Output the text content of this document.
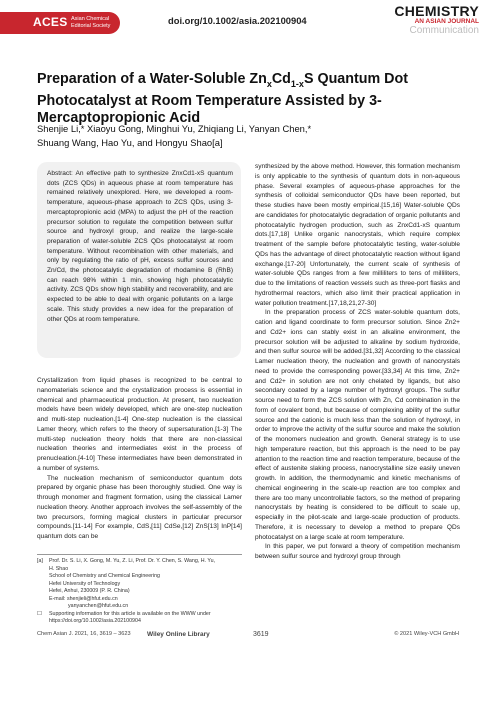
ACES Asian Chemical Editorial Society	doi.org/10.1002/asia.202100904
CHEMISTRY
AN ASIAN JOURNAL
Communication
Preparation of a Water-Soluble $Zn_xCd_{1-x}S$ Quantum Dot Photocatalyst at Room Temperature Assisted by 3-Mercaptopropionic Acid
Shenjie Li,* Xiaoyu Gong, Minghui Yu, Zhiqiang Li, Yanyan Chen,* Shuang Wang, Hao Yu, and Hongyu Shao[a]

Abstract: An effective path to synthesize ZnxCd1-xS quantum dots (ZCS QDs) in aqueous phase at room temperature has remained relatively unexplored. Here, we developed a room-temperature, aqueous-phase approach to ZCS QDs, using 3-mercaptopropionic acid (MPA) to adjust the pH of the reaction precursor solution to regulate the competition between sulfur source and hydroxyl group, and realize the large-scale preparation of water-soluble ZCS QDs photocatalyst at room temperature. Without recombination with other materials, and only by regulating the ratio of pH, excess sulfur sources and Zn/Cd, the photocatalytic degradation of rhodamine B (RhB) can reach 98% within 1 min, showing high photocatalytic activity. ZCS QDs show high stability and recoverability, and are expected to be able to deal with organic pollutants on a large scale. This study provides a new idea for the preparation of other QDs at room temperature.

Crystallization from liquid phases is recognized to be central to nanomaterials science and the crystallization process is essential in chemical and pharmaceutical production. At present, two nucleation models have been widely developed, which are one-step nucleation and multi-step nucleation.[1-4] One-step nucleation is the classical Lamer theory, which refers to the theory of supersaturation.[1-3] The multi-step nucleation theory holds that there are non-classical nucleation theories and intermediates exist in the process of prenucleation.[4-10] These intermediates have been demonstrated in a number of systems.

The nucleation mechanism of semiconductor quantum dots prepared by organic phase has been thoroughly studied. One way is through monomer and fragment formation, using the classical Lamer nucleation theory. Another approach involves the self-assembly of the two precursors, forming magical clusters in particular precursor compounds.[11-14] For example, CdS,[11] CdSe,[12] ZnS[13] InP[14] quantum dots can be

synthesized by the above method. However, this formation mechanism is only applicable to the synthesis of quantum dots in non-aqueous phase. Several examples of aqueous-phase approaches for the synthesis of colloidal semiconductor QDs have been reported, but these studies have been mostly empirical.[15,16] Water-soluble QDs are candidates for photocatalytic degradation of organic pollutants and photocatalytic hydrogen production, such as ZnxCd1-xS quantum dots.[17,18] Unlike organic nanocrystals, which require complex treatment of the sample before photocatalytic testing, water-soluble QDs has the advantage of direct photocatalytic reaction without ligand exchange.[17-20] Unfortunately, the current scale of synthesis of water-soluble QDs ranges from a few milliliters to tens of milliliters, due to the limitations of reaction vessels such as three-port flasks and hydrothermal reactors, which also limit their practical application in water pollution treatment.[17,18,21,27-30]

In the preparation process of ZCS water-soluble quantum dots, cation and ligand coordinate to form precursor solution. Since Zn2+ and Cd2+ ions can stably exist in an alkaline environment, the precursor solution will be adjusted to alkaline by sodium hydroxide, and then sulfur source will be added.[31,32] According to the classical Lamer nucleation theory, the nucleation and growth of nanocrystals need to provide the corresponding power.[33,34] At this time, Zn2+ and Cd2+ in solution are not only chelated by ligands, but also secondary coated by a large number of hydroxyl groups. The sulfur source need to form the ZCS solution with Zn, Cd combination in the form of covalent bond, but because of complexing ability of the sulfur source and the cationic is much less than the solution of hydroxyl, in order to improve the activity of the sulfur source and make the solution of the monomers nucleation and growth. General strategy is to use high temperature reaction, but this approach is the need to be pay attention to the reaction time and reaction temperature, because of the effect of austenite slaking process, nanocrystalline size easily uneven growth. In addition, the thermodynamic and kinetic mechanisms of chemical engineering in the scale-up reaction are too complex and there are too many uncontrollable factors, so the method of preparing nanocrystals by heating is considered to be difficult to scale up, especially in the pilot-scale and large-scale production of products. Therefore, it is necessary to develop a method to prepare QDs photocatalyst on a large scale at room temperature.

In this paper, we put forward a theory of competition mechanism between sulfur source and hydroxyl group through

[a]	Prof. Dr. S. Li, X. Gong, M. Yu, Z. Li, Prof. Dr. Y. Chen, S. Wang, H. Yu,
H. Shao
School of Chemistry and Chemical Engineering
Hefei University of Technology
Hefei, Anhui, 230009 (P. R. China)
E-mail: shenjieli@hfut.edu.cn
yanyanchen@hfut.edu.cn
☐	Supporting information for this article is available on the WWW under
https://doi.org/10.1002/asia.202100904
Chem Asian J. 2021, 16, 3619 – 3623	Wiley Online Library	3619	© 2021 Wiley-VCH GmbH
